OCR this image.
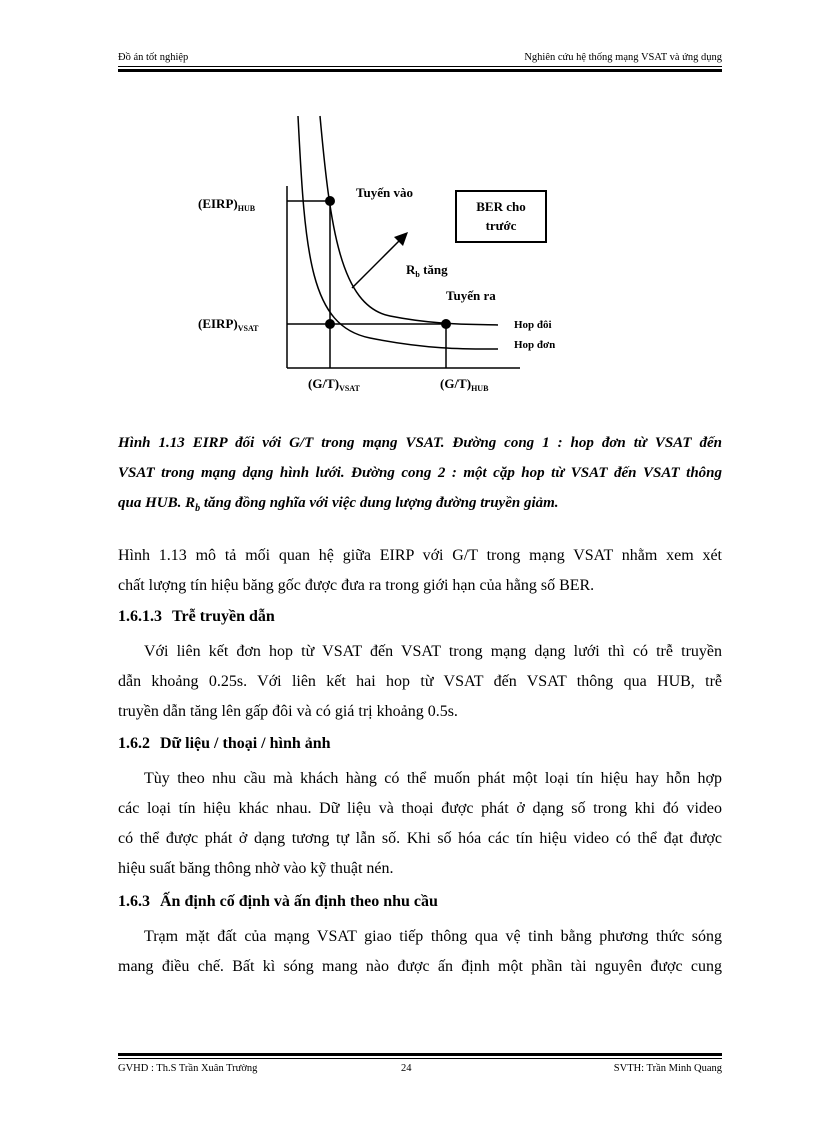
Đồ án tốt nghiệp	Nghiên cứu hệ thống mạng VSAT và ứng dụng
$(EIRP)_{HUB}$
$(EIRP)_{VSAT}$
$(G/T)_{VSAT}$	$(G/T)_{HUB}$
Tuyến vào
Tuyến ra
$R_b$ tăng
BER cho
trước
Hop đôi
Hop đơn
Hình 1.13 EIRP đối với G/T trong mạng VSAT. Đường cong 1 : hop đơn từ VSAT đến
VSAT trong mạng dạng hình lưới. Đường cong 2 : một cặp hop từ VSAT đến VSAT thông
qua HUB. $R_b$ tăng đồng nghĩa với việc dung lượng đường truyền giảm.
Hình 1.13 mô tả mối quan hệ giữa EIRP với G/T trong mạng VSAT nhằm xem xét
chất lượng tín hiệu băng gốc được đưa ra trong giới hạn của hằng số BER.
1.6.1.3 Trễ truyền dẫn
Với liên kết đơn hop từ VSAT đến VSAT trong mạng dạng lưới thì có trễ truyền
dẫn khoảng 0.25s. Với liên kết hai hop từ VSAT đến VSAT thông qua HUB, trễ
truyền dẫn tăng lên gấp đôi và có giá trị khoảng 0.5s.
1.6.2 Dữ liệu / thoại / hình ảnh
Tùy theo nhu cầu mà khách hàng có thể muốn phát một loại tín hiệu hay hỗn hợp
các loại tín hiệu khác nhau. Dữ liệu và thoại được phát ở dạng số trong khi đó video
có thể được phát ở dạng tương tự lẫn số. Khi số hóa các tín hiệu video có thể đạt được
hiệu suất băng thông nhờ vào kỹ thuật nén.
1.6.3 Ấn định cố định và ấn định theo nhu cầu
Trạm mặt đất của mạng VSAT giao tiếp thông qua vệ tinh bằng phương thức sóng
mang điều chế. Bất kì sóng mang nào được ấn định một phần tài nguyên được cung
GVHD : Th.S Trần Xuân Trường	24	SVTH: Trần Minh Quang
